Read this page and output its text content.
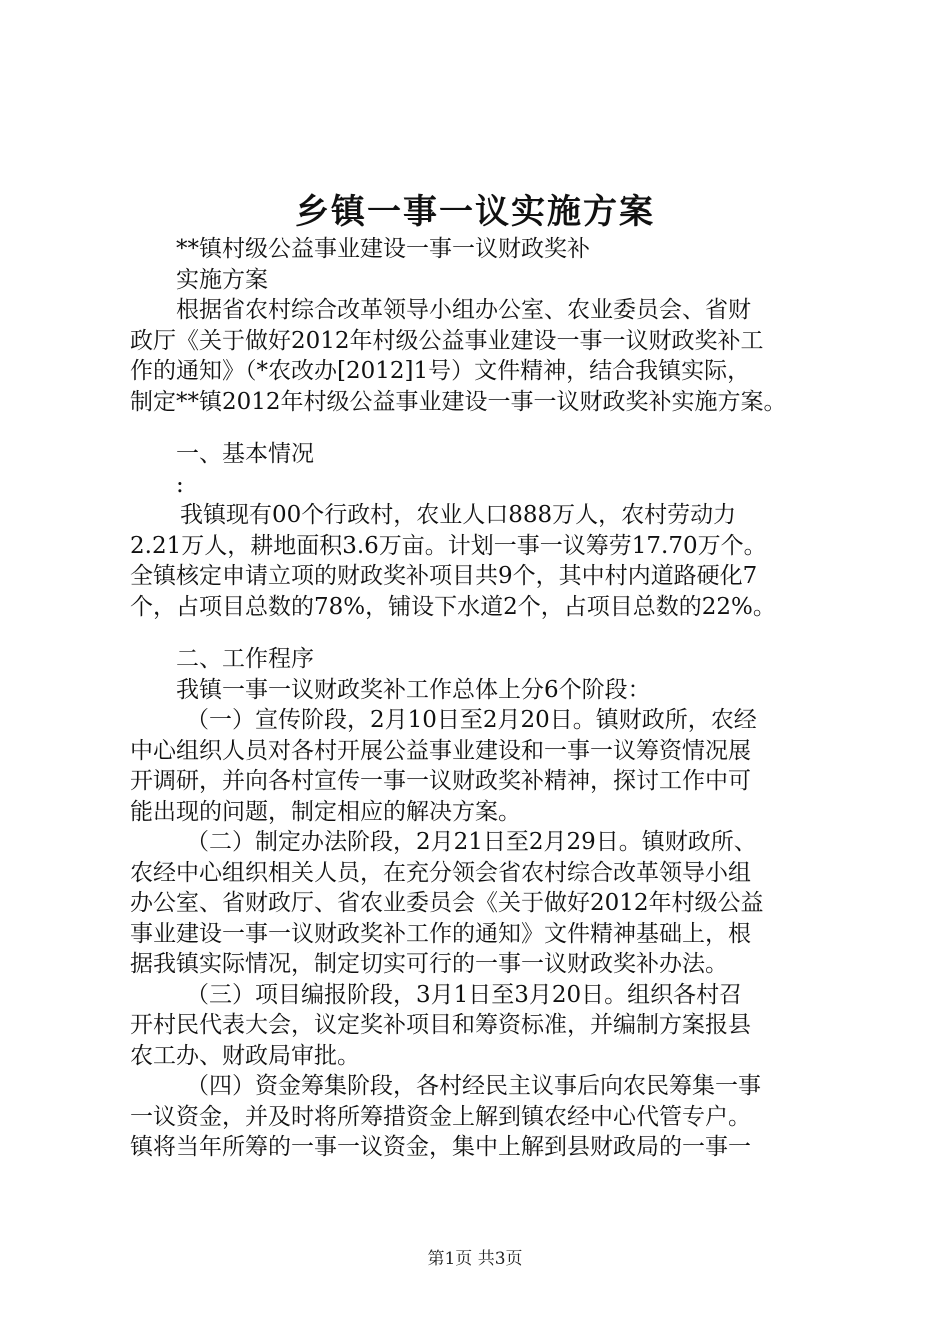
乡镇一事一议实施方案
**镇村级公益事业建设一事一议财政奖补
实施方案
根据省农村综合改革领导小组办公室、农业委员会、省财
政厅《关于做好2012年村级公益事业建设一事一议财政奖补工
作的通知》（*农改办[2012]1号）文件精神，结合我镇实际，
制定**镇2012年村级公益事业建设一事一议财政奖补实施方案。
一、基本情况
:
我镇现有00个行政村，农业人口888万人，农村劳动力
2.21万人，耕地面积3.6万亩。计划一事一议筹劳17.70万个。
全镇核定申请立项的财政奖补项目共9个，其中村内道路硬化7
个，占项目总数的78%，铺设下水道2个，占项目总数的22%。
二、工作程序
我镇一事一议财政奖补工作总体上分6个阶段：
（一）宣传阶段，2月10日至2月20日。镇财政所，农经
中心组织人员对各村开展公益事业建设和一事一议筹资情况展
开调研，并向各村宣传一事一议财政奖补精神，探讨工作中可
能出现的问题，制定相应的解决方案。
（二）制定办法阶段，2月21日至2月29日。镇财政所、
农经中心组织相关人员，在充分领会省农村综合改革领导小组
办公室、省财政厅、省农业委员会《关于做好2012年村级公益
事业建设一事一议财政奖补工作的通知》文件精神基础上，根
据我镇实际情况，制定切实可行的一事一议财政奖补办法。
（三）项目编报阶段，3月1日至3月20日。组织各村召
开村民代表大会，议定奖补项目和筹资标准，并编制方案报县
农工办、财政局审批。
（四）资金筹集阶段，各村经民主议事后向农民筹集一事
一议资金，并及时将所筹措资金上解到镇农经中心代管专户。
镇将当年所筹的一事一议资金，集中上解到县财政局的一事一
第1页 共3页
